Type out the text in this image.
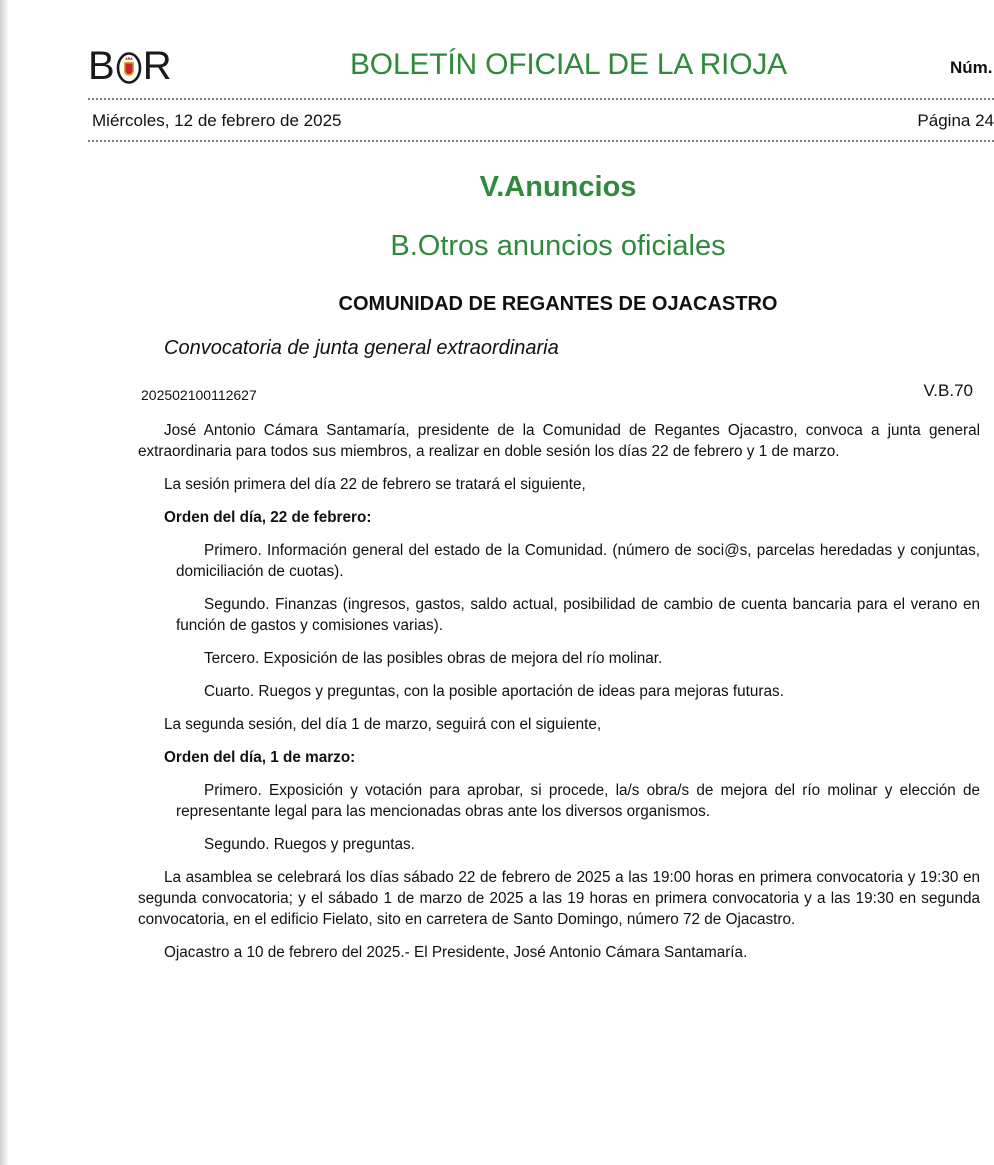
B R	BOLETÍN OFICIAL DE LA RIOJA	Núm.
Miércoles, 12 de febrero de 2025	Página 24
V.Anuncios
B.Otros anuncios oficiales
COMUNIDAD DE REGANTES DE OJACASTRO
Convocatoria de junta general extraordinaria
202502100112627	V.B.70

José Antonio Cámara Santamaría, presidente de la Comunidad de Regantes Ojacastro, convoca a junta general extraordinaria para todos sus miembros, a realizar en doble sesión los días 22 de febrero y 1 de marzo.

La sesión primera del día 22 de febrero se tratará el siguiente,

Orden del día, 22 de febrero:

Primero. Información general del estado de la Comunidad. (número de soci@s, parcelas heredadas y conjuntas, domiciliación de cuotas).

Segundo. Finanzas (ingresos, gastos, saldo actual, posibilidad de cambio de cuenta bancaria para el verano en función de gastos y comisiones varias).

Tercero. Exposición de las posibles obras de mejora del río molinar.

Cuarto. Ruegos y preguntas, con la posible aportación de ideas para mejoras futuras.

La segunda sesión, del día 1 de marzo, seguirá con el siguiente,

Orden del día, 1 de marzo:

Primero. Exposición y votación para aprobar, si procede, la/s obra/s de mejora del río molinar y elección de representante legal para las mencionadas obras ante los diversos organismos.

Segundo. Ruegos y preguntas.

La asamblea se celebrará los días sábado 22 de febrero de 2025 a las 19:00 horas en primera convocatoria y 19:30 en segunda convocatoria; y el sábado 1 de marzo de 2025 a las 19 horas en primera convocatoria y a las 19:30 en segunda convocatoria, en el edificio Fielato, sito en carretera de Santo Domingo, número 72 de Ojacastro.

Ojacastro a 10 de febrero del 2025.- El Presidente, José Antonio Cámara Santamaría.
